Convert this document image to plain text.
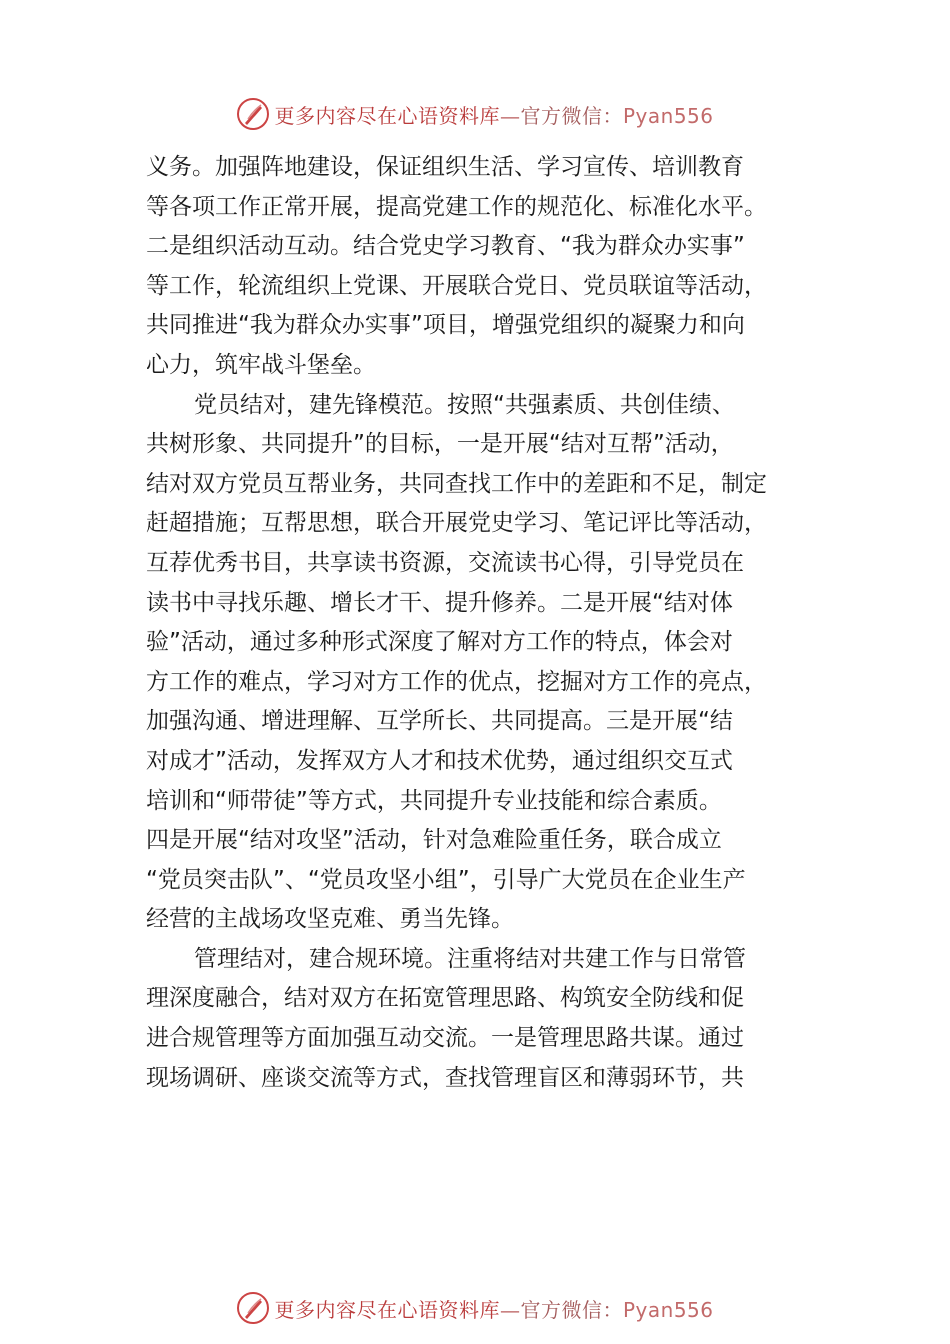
更多内容尽在心语资料库—官方微信：Pyan556
义务。加强阵地建设，保证组织生活、学习宣传、培训教育
等各项工作正常开展，提高党建工作的规范化、标准化水平。
二是组织活动互动。结合党史学习教育、“我为群众办实事”
等工作，轮流组织上党课、开展联合党日、党员联谊等活动，
共同推进“我为群众办实事”项目，增强党组织的凝聚力和向
心力，筑牢战斗堡垒。
党员结对，建先锋模范。按照“共强素质、共创佳绩、
共树形象、共同提升”的目标，一是开展“结对互帮”活动，
结对双方党员互帮业务，共同查找工作中的差距和不足，制定
赶超措施；互帮思想，联合开展党史学习、笔记评比等活动，
互荐优秀书目，共享读书资源，交流读书心得，引导党员在
读书中寻找乐趣、增长才干、提升修养。二是开展“结对体
验”活动，通过多种形式深度了解对方工作的特点，体会对
方工作的难点，学习对方工作的优点，挖掘对方工作的亮点，
加强沟通、增进理解、互学所长、共同提高。三是开展“结
对成才”活动，发挥双方人才和技术优势，通过组织交互式
培训和“师带徒”等方式，共同提升专业技能和综合素质。
四是开展“结对攻坚”活动，针对急难险重任务，联合成立
“党员突击队”、“党员攻坚小组”，引导广大党员在企业生产
经营的主战场攻坚克难、勇当先锋。
管理结对，建合规环境。注重将结对共建工作与日常管
理深度融合，结对双方在拓宽管理思路、构筑安全防线和促
进合规管理等方面加强互动交流。一是管理思路共谋。通过
现场调研、座谈交流等方式，查找管理盲区和薄弱环节，共
更多内容尽在心语资料库—官方微信：Pyan556
